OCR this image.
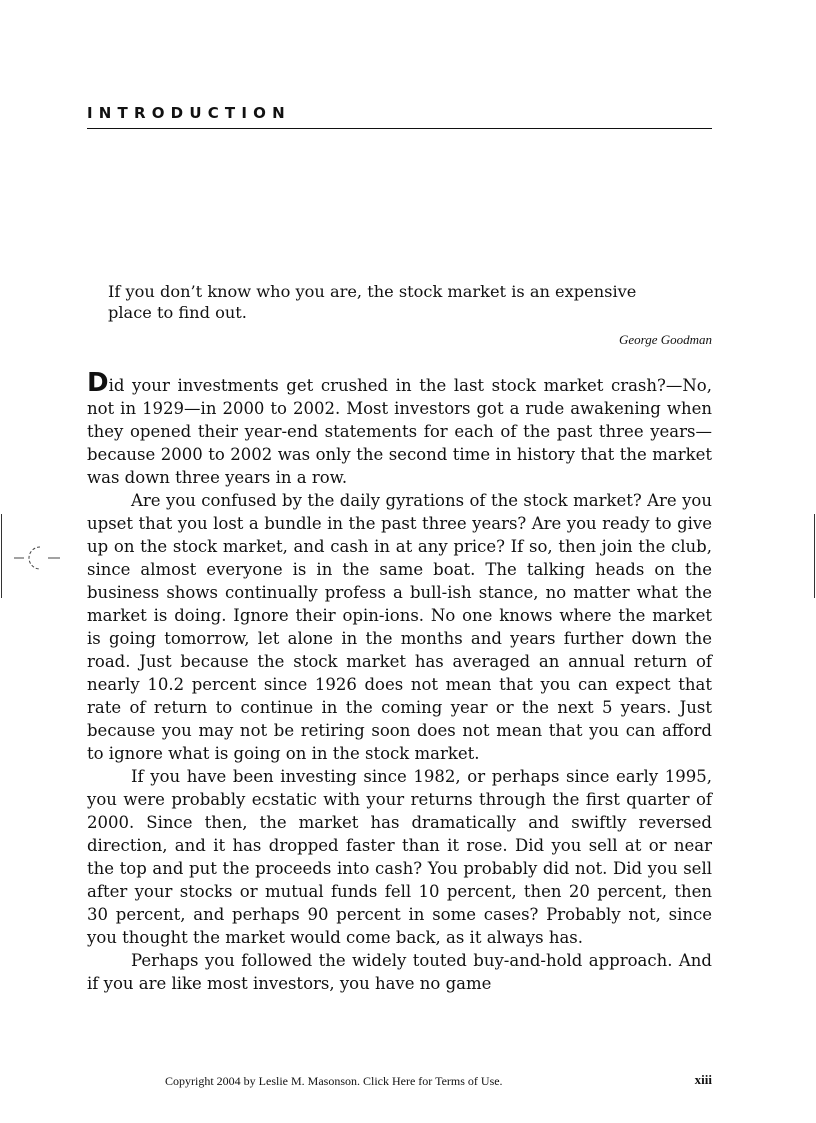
INTRODUCTION
If you don’t know who you are, the stock market is an expensive place to find out.
George Goodman

Did your investments get crushed in the last stock market crash?—No, not in 1929—in 2000 to 2002. Most investors got a rude awakening when they opened their year-end statements for each of the past three years—because 2000 to 2002 was only the second time in history that the market was down three years in a row.

Are you confused by the daily gyrations of the stock market? Are you upset that you lost a bundle in the past three years? Are you ready to give up on the stock market, and cash in at any price? If so, then join the club, since almost everyone is in the same boat. The talking heads on the business shows continually profess a bull-ish stance, no matter what the market is doing. Ignore their opin-ions. No one knows where the market is going tomorrow, let alone in the months and years further down the road. Just because the stock market has averaged an annual return of nearly 10.2 percent since 1926 does not mean that you can expect that rate of return to continue in the coming year or the next 5 years. Just because you may not be retiring soon does not mean that you can afford to ignore what is going on in the stock market.

If you have been investing since 1982, or perhaps since early 1995, you were probably ecstatic with your returns through the first quarter of 2000. Since then, the market has dramatically and swiftly reversed direction, and it has dropped faster than it rose. Did you sell at or near the top and put the proceeds into cash? You probably did not. Did you sell after your stocks or mutual funds fell 10 percent, then 20 percent, then 30 percent, and perhaps 90 percent in some cases? Probably not, since you thought the market would come back, as it always has.

Perhaps you followed the widely touted buy-and-hold approach. And if you are like most investors, you have no game

Copyright 2004 by Leslie M. Masonson. Click Here for Terms of Use.	xiii
